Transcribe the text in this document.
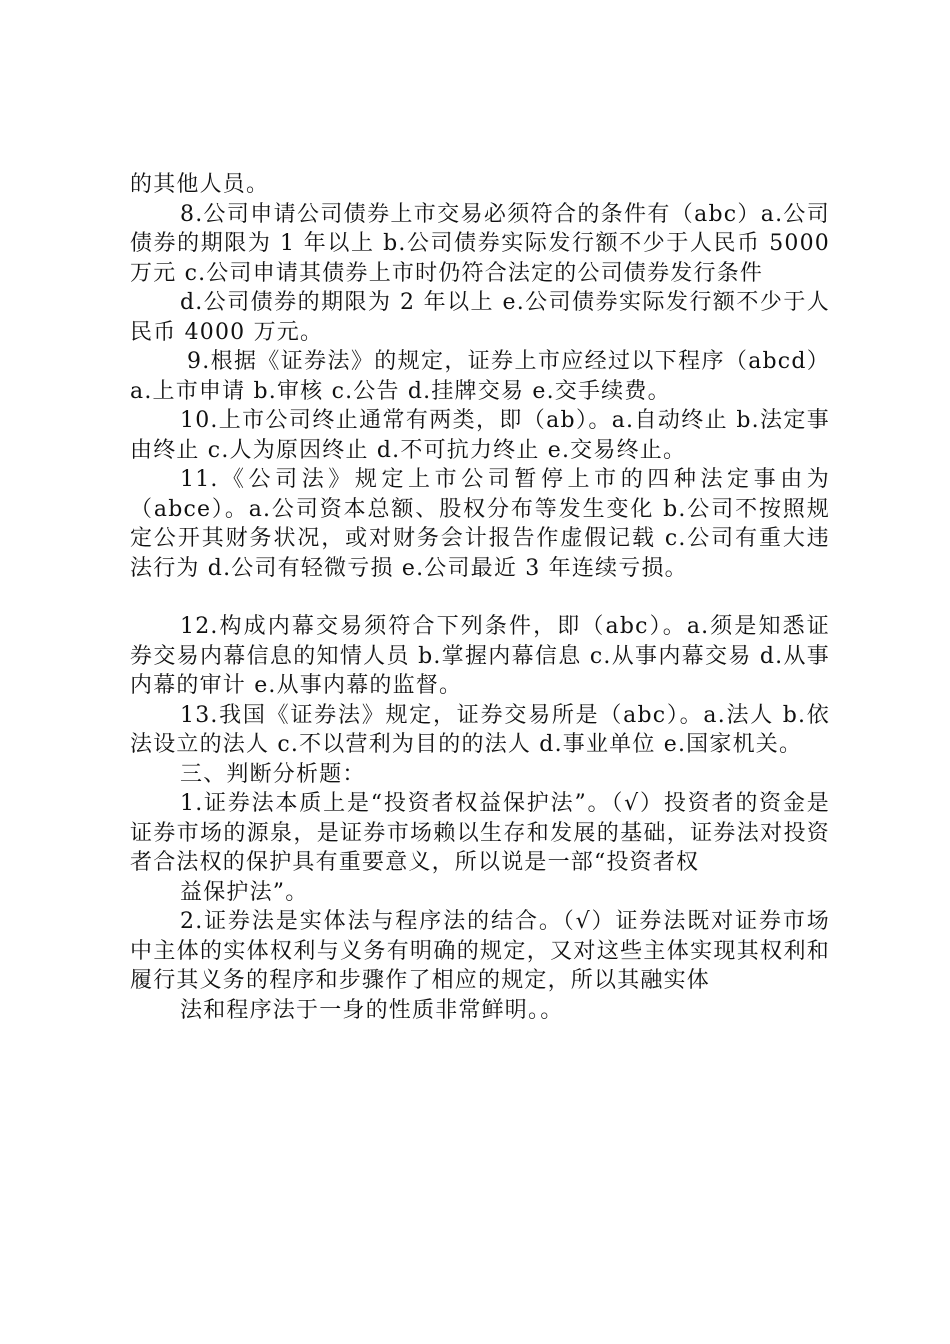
的其他人员。

8.公司申请公司债券上市交易必须符合的条件有（abc）a.公司债券的期限为 1 年以上 b.公司债券实际发行额不少于人民币 5000 万元 c.公司申请其债券上市时仍符合法定的公司债券发行条件

d.公司债券的期限为 2 年以上 e.公司债券实际发行额不少于人民币 4000 万元。

9.根据《证券法》的规定，证券上市应经过以下程序（abcd）a.上市申请 b.审核 c.公告 d.挂牌交易 e.交手续费。

10.上市公司终止通常有两类，即（ab）。a.自动终止 b.法定事由终止 c.人为原因终止 d.不可抗力终止 e.交易终止。

11.《公司法》规定上市公司暂停上市的四种法定事由为（abce）。a.公司资本总额、股权分布等发生变化 b.公司不按照规定公开其财务状况，或对财务会计报告作虚假记载 c.公司有重大违法行为 d.公司有轻微亏损 e.公司最近 3 年连续亏损。

12.构成内幕交易须符合下列条件，即（abc）。a.须是知悉证券交易内幕信息的知情人员 b.掌握内幕信息 c.从事内幕交易 d.从事内幕的审计 e.从事内幕的监督。

13.我国《证券法》规定，证券交易所是（abc）。a.法人 b.依法设立的法人 c.不以营利为目的的法人 d.事业单位 e.国家机关。

三、判断分析题：

1.证券法本质上是“投资者权益保护法”。（√）投资者的资金是证券市场的源泉，是证券市场赖以生存和发展的基础，证券法对投资者合法权的保护具有重要意义，所以说是一部“投资者权

益保护法”。

2.证券法是实体法与程序法的结合。（√）证券法既对证券市场中主体的实体权利与义务有明确的规定，又对这些主体实现其权利和履行其义务的程序和步骤作了相应的规定，所以其融实体

法和程序法于一身的性质非常鲜明。。
